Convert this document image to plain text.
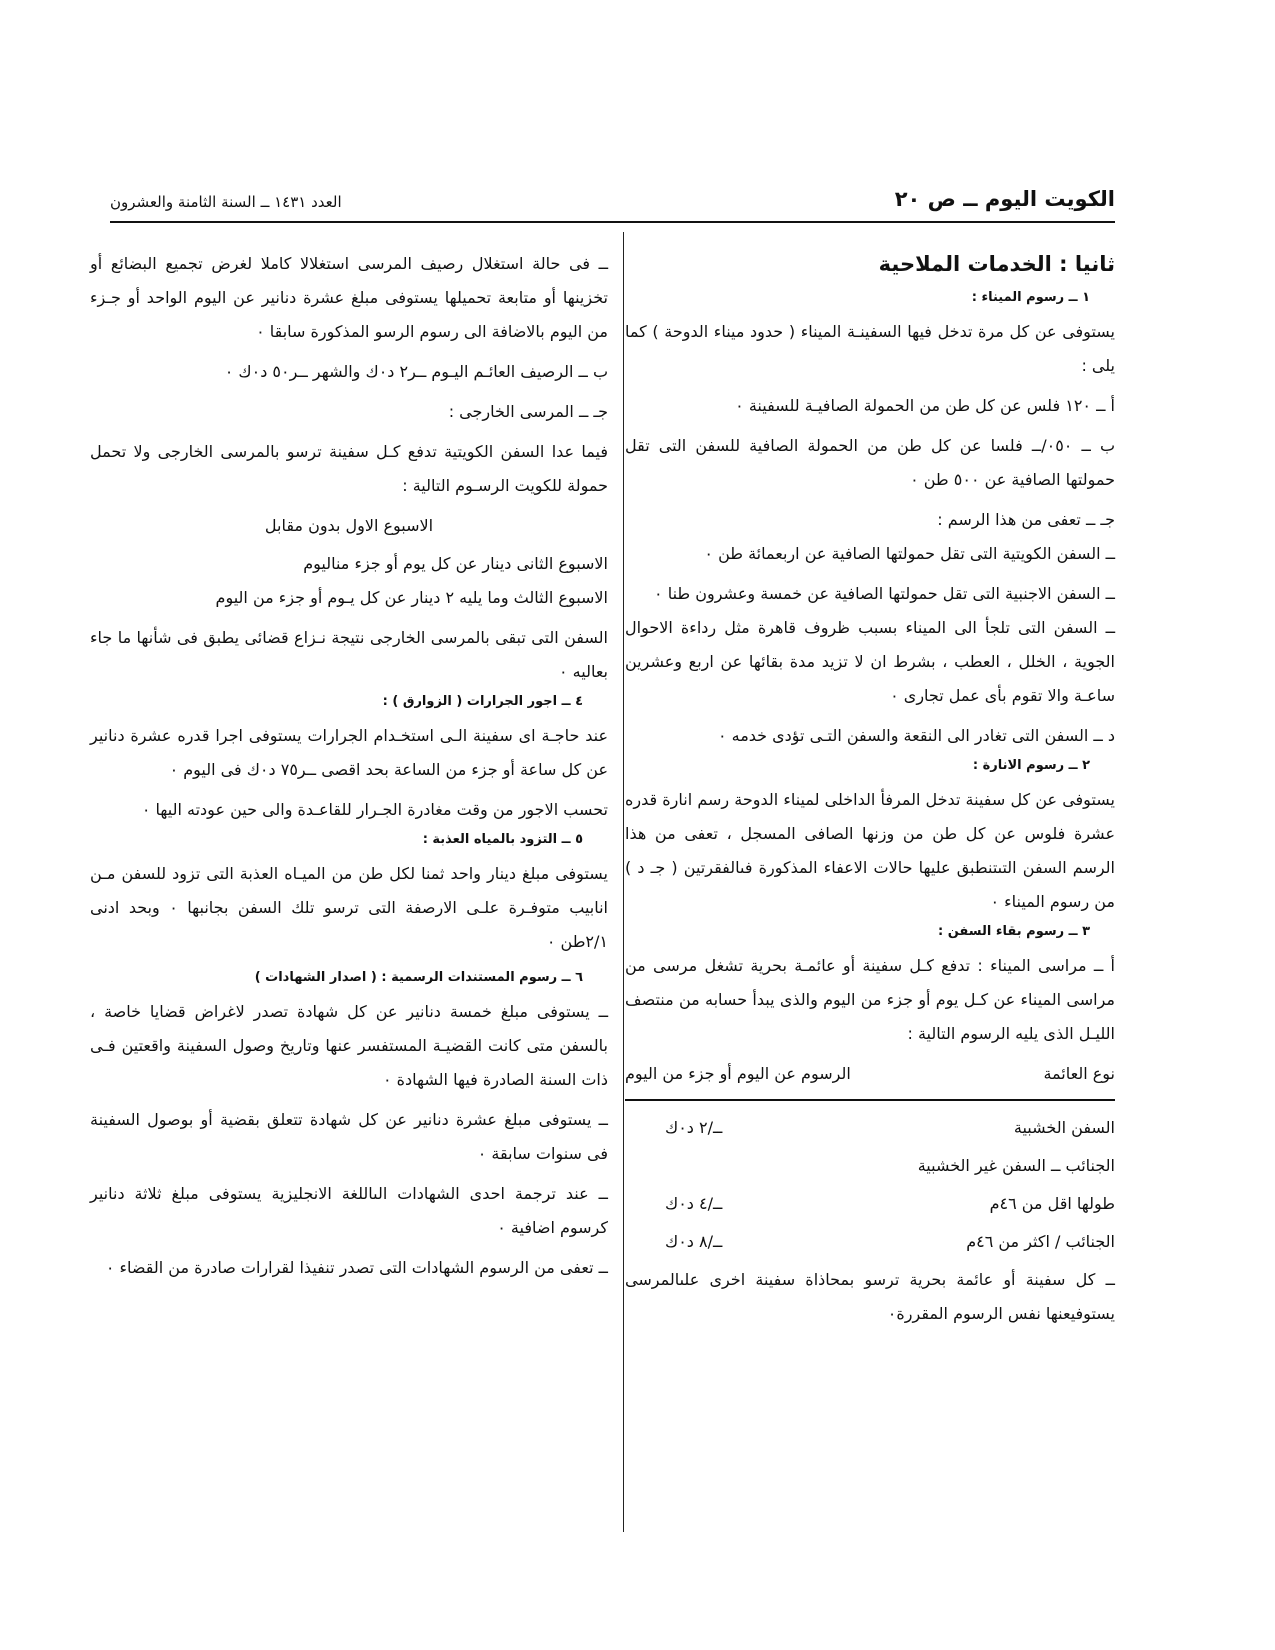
الكويت اليوم ــ ص ٢٠
العدد ١٤٣١ ــ السنة الثامنة والعشرون

ثانيا : الخدمات الملاحية

١ ــ رسوم الميناء :

يستوفى عن كل مرة تدخل فيها السفينـة الميناء ( حدود ميناء الدوحة ) كما يلى :

أ ــ ١٢٠ فلس عن كل طن من الحمولة الصافيـة للسفينة ٠

ب ــ ٠٥٠/ــ فلسا عن كل طن من الحمولة الصافية للسفن التى تقل حمولتها الصافية عن ٥٠٠ طن ٠

جـ ــ تعفى من هذا الرسم :

ــ السفن الكويتية التى تقل حمولتها الصافية عن اربعمائة طن ٠

ــ السفن الاجنبية التى تقل حمولتها الصافية عن خمسة وعشرون طنا ٠

ــ السفن التى تلجأ الى الميناء بسبب ظروف قاهرة مثل رداءة الاحوال الجوية ، الخلل ، العطب ، بشرط ان لا تزيد مدة بقائها عن اربع وعشرين ساعـة والا تقوم بأى عمل تجارى ٠

د ــ السفن التى تغادر الى النقعة والسفن التـى تؤدى خدمه ٠

٢ ــ رسوم الانارة :

يستوفى عن كل سفينة تدخل المرفأ الداخلى لميناء الدوحة رسم انارة قدره عشرة فلوس عن كل طن من وزنها الصافى المسجل ، تعفى من هذا الرسم السفن التىتنطبق عليها حالات الاعفاء المذكورة فىالفقرتين ( جـ د ) من رسوم الميناء ٠

٣ ــ رسوم بقاء السفن :

أ ــ مراسى الميناء : تدفع كـل سفينة أو عائمـة بحرية تشغل مرسى من مراسى الميناء عن كـل يوم أو جزء من اليوم والذى يبدأ حسابه من منتصف الليـل الذى يليه الرسوم التالية :

نوع العائمة
الرسوم عن اليوم أو جزء من اليوم
السفن الخشبية
ــ/٢ د٠ك
الجنائب ــ السفن غير الخشبية
طولها اقل من ٤٦م
ــ/٤ د٠ك
الجنائب / اكثر من ٤٦م
ــ/٨ د٠ك

ــ كل سفينة أو عائمة بحرية ترسو بمحاذاة سفينة اخرى علىالمرسى يستوفيعنها نفس الرسوم المقررة٠

ــ فى حالة استغلال رصيف المرسى استغلالا كاملا لغرض تجميع البضائع أو تخزينها أو متابعة تحميلها يستوفى مبلغ عشرة دنانير عن اليوم الواحد أو جـزء من اليوم بالاضافة الى رسوم الرسو المذكورة سابقا ٠

ب ــ الرصيف العائـم اليـوم ــر٢ د٠ك والشهر ــر٥٠ د٠ك ٠

جـ ــ المرسى الخارجى :

فيما عدا السفن الكويتية تدفع كـل سفينة ترسو بالمرسى الخارجى ولا تحمل حمولة للكويت الرسـوم التالية :

الاسبوع الاول بدون مقابل

الاسبوع الثانى دينار عن كل يوم أو جزء مناليوم

الاسبوع الثالث وما يليه ٢ دينار عن كل يـوم أو جزء من اليوم

السفن التى تبقى بالمرسى الخارجى نتيجة نـزاع قضائى يطبق فى شأنها ما جاء بعاليه ٠

٤ ــ اجور الجرارات ( الزوارق ) :

عند حاجـة اى سفينة الـى استخـدام الجرارات يستوفى اجرا قدره عشرة دنانير عن كل ساعة أو جزء من الساعة بحد اقصى ــر٧٥ د٠ك فى اليوم ٠

تحسب الاجور من وقت مغادرة الجـرار للقاعـدة والى حين عودته اليها ٠

٥ ــ التزود بالمياه العذبة :

يستوفى مبلغ دينار واحد ثمنا لكل طن من الميـاه العذبة التى تزود للسفن مـن انابيب متوفـرة علـى الارصفة التى ترسو تلك السفن بجانبها ٠ وبحد ادنى ٢/١طن ٠

٦ ــ رسوم المستندات الرسمية : ( اصدار الشهادات )

ــ يستوفى مبلغ خمسة دنانير عن كل شهادة تصدر لاغراض قضايا خاصة ، بالسفن متى كانت القضيـة المستفسر عنها وتاريخ وصول السفينة واقعتين فـى ذات السنة الصادرة فيها الشهادة ٠

ــ يستوفى مبلغ عشرة دنانير عن كل شهادة تتعلق بقضية أو بوصول السفينة فى سنوات سابقة ٠

ــ عند ترجمة احدى الشهادات الىاللغة الانجليزية يستوفى مبلغ ثلاثة دنانير كرسوم اضافية ٠

ــ تعفى من الرسوم الشهادات التى تصدر تنفيذا لقرارات صادرة من القضاء ٠
